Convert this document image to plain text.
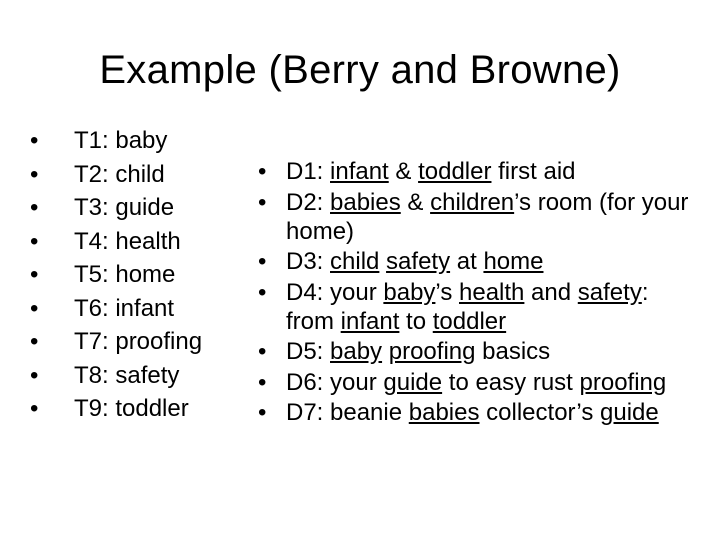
Example (Berry and Browne)
• T1: baby
• T2: child
• T3: guide
• T4: health
• T5: home
• T6: infant
• T7: proofing
• T8: safety
• T9: toddler
• D1: infant & toddler first aid
• D2: babies & children’s room (for your home)
• D3: child safety at home
• D4: your baby’s health and safety: from infant to toddler
• D5: baby proofing basics
• D6: your guide to easy rust proofing
• D7: beanie babies collector’s guide
